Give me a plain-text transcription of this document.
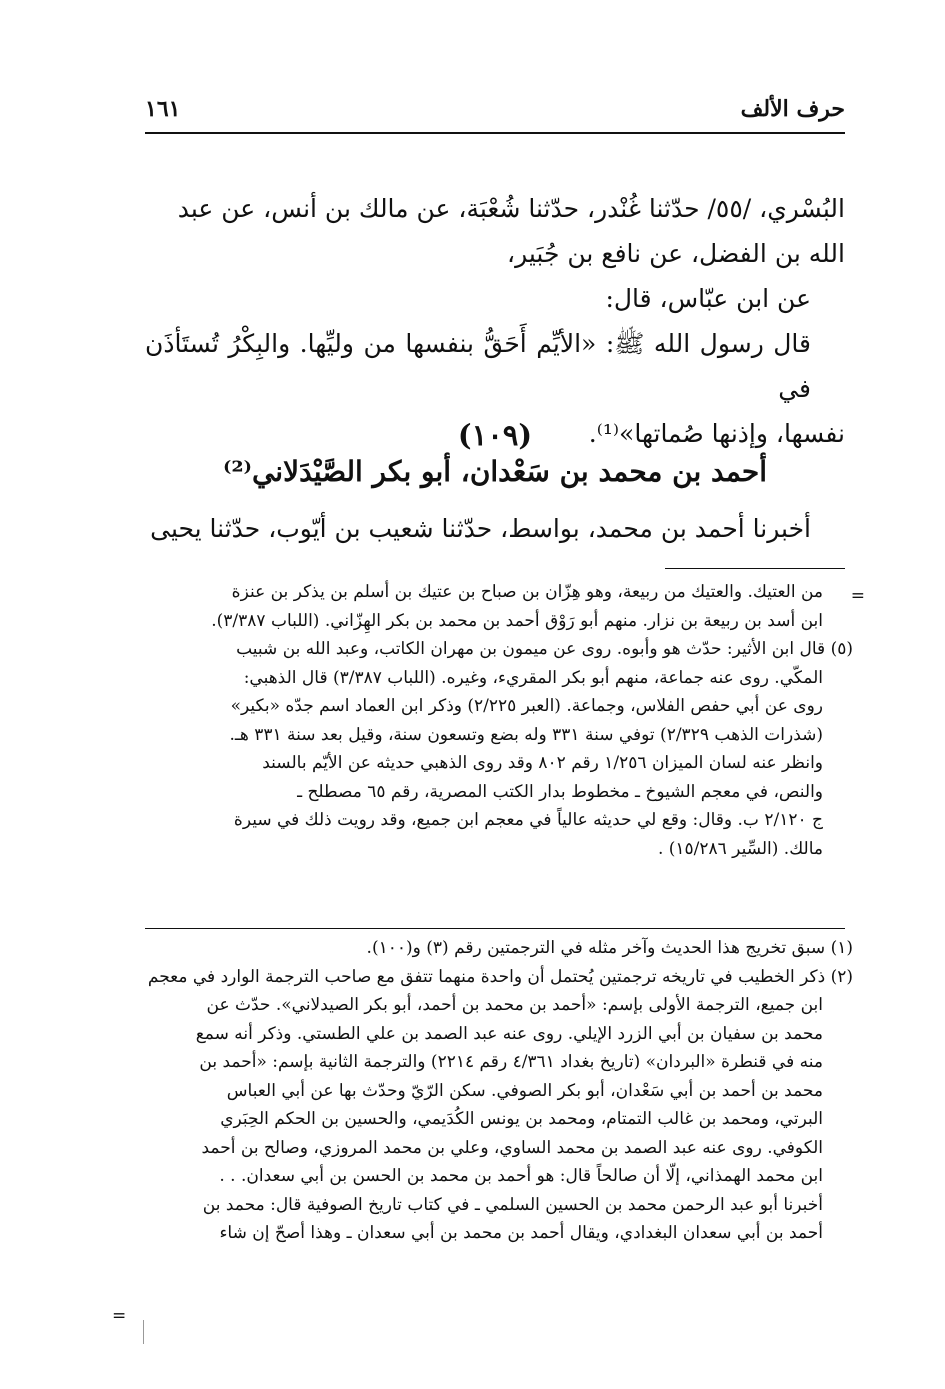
حرف الألف
١٦١

البُسْري، /٥٥/ حدّثنا غُنْدر، حدّثنا شُعْبَة، عن مالك بن أنس، عن عبد

الله بن الفضل، عن نافع بن جُبَير،

عن ابن عبّاس، قال:

قال رسول الله ﷺ: «الأيِّم أَحَقُّ بنفسها من وليِّها. والبِكْرُ تُستَأذَن في

نفسها، وإذنها صُماتها»⁽¹⁾.

(١٠٩)
أحمد بن محمد بن سَعْدان، أبو بكر الصَّيْدَلاني⁽²⁾
أخبرنا أحمد بن محمد، بواسط، حدّثنا شعيب بن أيّوب، حدّثنا يحيى
=

من العتيك. والعتيك من ربيعة، وهو هِزّان بن صباح بن عتيك بن أسلم بن يذكر بن عنزة

ابن أسد بن ربيعة بن نزار. منهم أبو رَوْق أحمد بن محمد بن بكر الهِزّاني. (اللباب ٣/٣٨٧).

(٥) قال ابن الأثير: حدّث هو وأبوه. روى عن ميمون بن مهران الكاتب، وعبد الله بن شبيب

المكّي. روى عنه جماعة، منهم أبو بكر المقريء، وغيره. (اللباب ٣/٣٨٧) قال الذهبي:

روى عن أبي حفص الفلاس، وجماعة. (العبر ٢/٢٢٥) وذكر ابن العماد اسم جدّه «بكير»

(شذرات الذهب ٢/٣٢٩) توفي سنة ٣٣١ وله بضع وتسعون سنة، وقيل بعد سنة ٣٣١ هـ.

وانظر عنه لسان الميزان ١/٢٥٦ رقم ٨٠٢ وقد روى الذهبي حديثه عن الأيّم بالسند

والنص، في معجم الشيوخ ـ مخطوط بدار الكتب المصرية، رقم ٦٥ مصطلح ـ

ج ٢/١٢٠ ب. وقال: وقع لي حديثه عالياً في معجم ابن جميع، وقد رويت ذلك في سيرة

مالك. (السِّير ١٥/٢٨٦) .

(١) سبق تخريج هذا الحديث وآخر مثله في الترجمتين رقم (٣) و(١٠٠).

(٢) ذكر الخطيب في تاريخه ترجمتين يُحتمل أن واحدة منهما تتفق مع صاحب الترجمة الوارد في معجم

ابن جميع، الترجمة الأولى بإسم: «أحمد بن محمد بن أحمد، أبو بكر الصيدلاني». حدّث عن

محمد بن سفيان بن أبي الزرد الإيلي. روى عنه عبد الصمد بن علي الطستي. وذكر أنه سمع

منه في قنطرة «البردان» (تاريخ بغداد ٤/٣٦١ رقم ٢٢١٤) والترجمة الثانية بإسم: «أحمد بن

محمد بن أحمد بن أبي سَعْدان، أبو بكر الصوفي. سكن الرّيّ وحدّث بها عن أبي العباس

البرتي، ومحمد بن غالب التمتام، ومحمد بن يونس الكُدَيمي، والحسين بن الحكم الحِبَري

الكوفي. روى عنه عبد الصمد بن محمد الساوي، وعلي بن محمد المروزي، وصالح بن أحمد

ابن محمد الهمذاني، إلّا أن صالحاً قال: هو أحمد بن محمد بن الحسن بن أبي سعدان. . .

أخبرنا أبو عبد الرحمن محمد بن الحسين السلمي ـ في كتاب تاريخ الصوفية قال: محمد بن

أحمد بن أبي سعدان البغدادي، ويقال أحمد بن محمد بن أبي سعدان ـ وهذا أصحّ إن شاء

=
